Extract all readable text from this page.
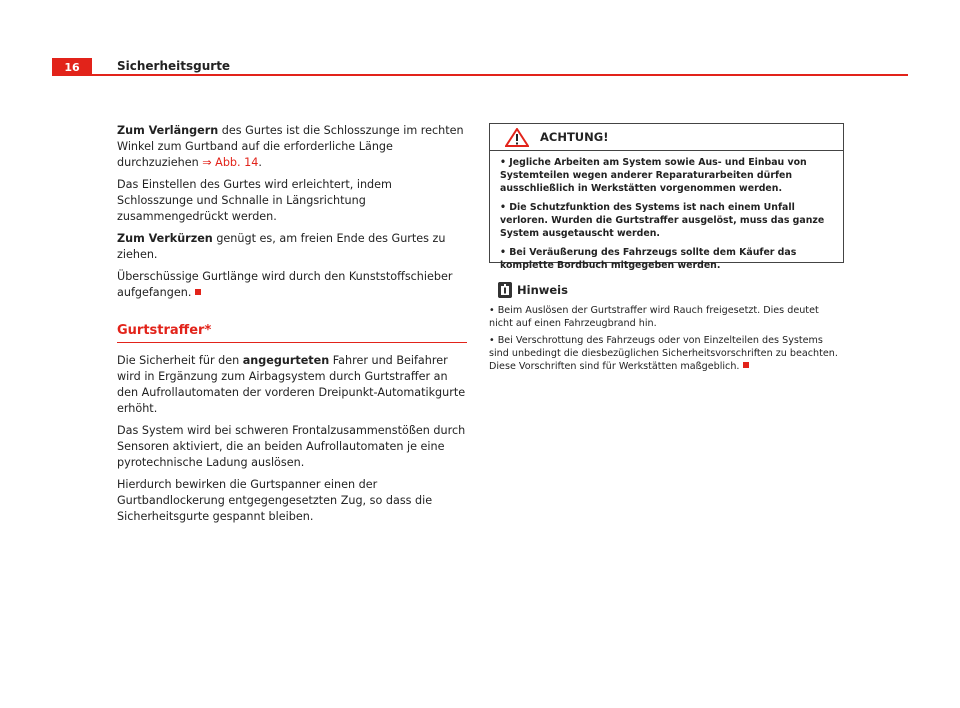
16	Sicherheitsgurte

Zum Verlängern des Gurtes ist die Schlosszunge im rechten Winkel zum Gurtband auf die erforderliche Länge durchzuziehen ⇒ Abb. 14.

Das Einstellen des Gurtes wird erleichtert, indem Schlosszunge und Schnalle in Längsrichtung zusammengedrückt werden.

Zum Verkürzen genügt es, am freien Ende des Gurtes zu ziehen.

Überschüssige Gurtlänge wird durch den Kunststoffschieber aufgefangen.

Gurtstraffer*

Die Sicherheit für den angegurteten Fahrer und Beifahrer wird in Ergänzung zum Airbagsystem durch Gurtstraffer an den Aufrollautomaten der vorderen Dreipunkt-Automatikgurte erhöht.

Das System wird bei schweren Frontalzusammenstößen durch Sensoren aktiviert, die an beiden Aufrollautomaten je eine pyrotechnische Ladung auslösen.

Hierdurch bewirken die Gurtspanner einen der Gurtbandlockerung entgegengesetzten Zug, so dass die Sicherheitsgurte gespannt bleiben.

ACHTUNG!

• Jegliche Arbeiten am System sowie Aus- und Einbau von Systemteilen wegen anderer Reparaturarbeiten dürfen ausschließlich in Werkstätten vorgenommen werden.

• Die Schutzfunktion des Systems ist nach einem Unfall verloren. Wurden die Gurtstraffer ausgelöst, muss das ganze System ausgetauscht werden.

• Bei Veräußerung des Fahrzeugs sollte dem Käufer das komplette Bordbuch mitgegeben werden.

Hinweis

• Beim Auslösen der Gurtstraffer wird Rauch freigesetzt. Dies deutet nicht auf einen Fahrzeugbrand hin.

• Bei Verschrottung des Fahrzeugs oder von Einzelteilen des Systems sind unbedingt die diesbezüglichen Sicherheitsvorschriften zu beachten. Diese Vorschriften sind für Werkstätten maßgeblich.
